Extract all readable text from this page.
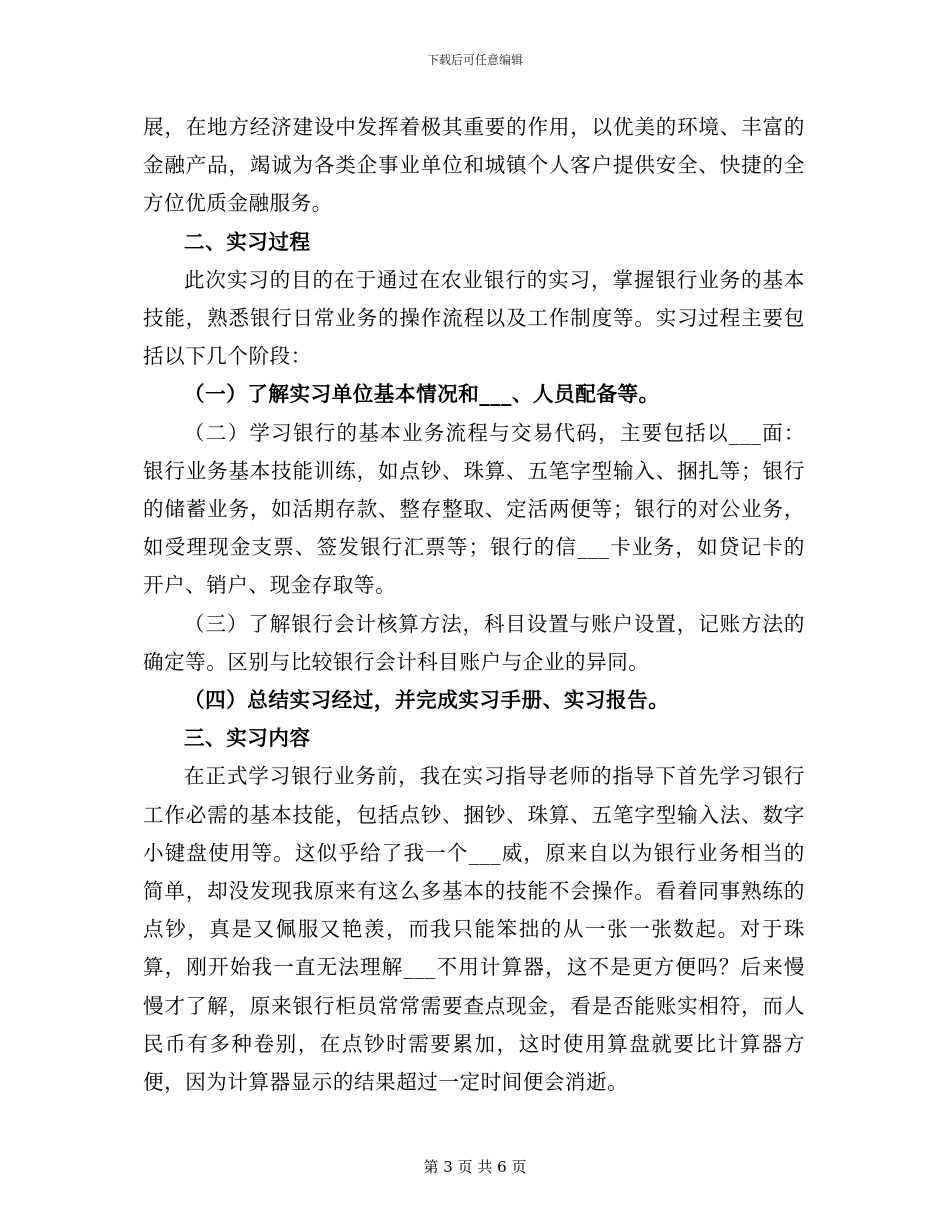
下载后可任意编辑

展，在地方经济建设中发挥着极其重要的作用，以优美的环境、丰富的金融产品，竭诚为各类企事业单位和城镇个人客户提供安全、快捷的全方位优质金融服务。

二、实习过程

此次实习的目的在于通过在农业银行的实习，掌握银行业务的基本技能，熟悉银行日常业务的操作流程以及工作制度等。实习过程主要包括以下几个阶段：

（一）了解实习单位基本情况和___、人员配备等。

（二）学习银行的基本业务流程与交易代码，主要包括以___面：银行业务基本技能训练，如点钞、珠算、五笔字型输入、捆扎等；银行的储蓄业务，如活期存款、整存整取、定活两便等；银行的对公业务，如受理现金支票、签发银行汇票等；银行的信___卡业务，如贷记卡的开户、销户、现金存取等。

（三）了解银行会计核算方法，科目设置与账户设置，记账方法的确定等。区别与比较银行会计科目账户与企业的异同。

（四）总结实习经过，并完成实习手册、实习报告。

三、实习内容

在正式学习银行业务前，我在实习指导老师的指导下首先学习银行工作必需的基本技能，包括点钞、捆钞、珠算、五笔字型输入法、数字小键盘使用等。这似乎给了我一个___威，原来自以为银行业务相当的简单，却没发现我原来有这么多基本的技能不会操作。看着同事熟练的点钞，真是又佩服又艳羡，而我只能笨拙的从一张一张数起。对于珠算，刚开始我一直无法理解___不用计算器，这不是更方便吗？后来慢慢才了解，原来银行柜员常常需要查点现金，看是否能账实相符，而人民币有多种卷别，在点钞时需要累加，这时使用算盘就要比计算器方便，因为计算器显示的结果超过一定时间便会消逝。

第 3 页 共 6 页
